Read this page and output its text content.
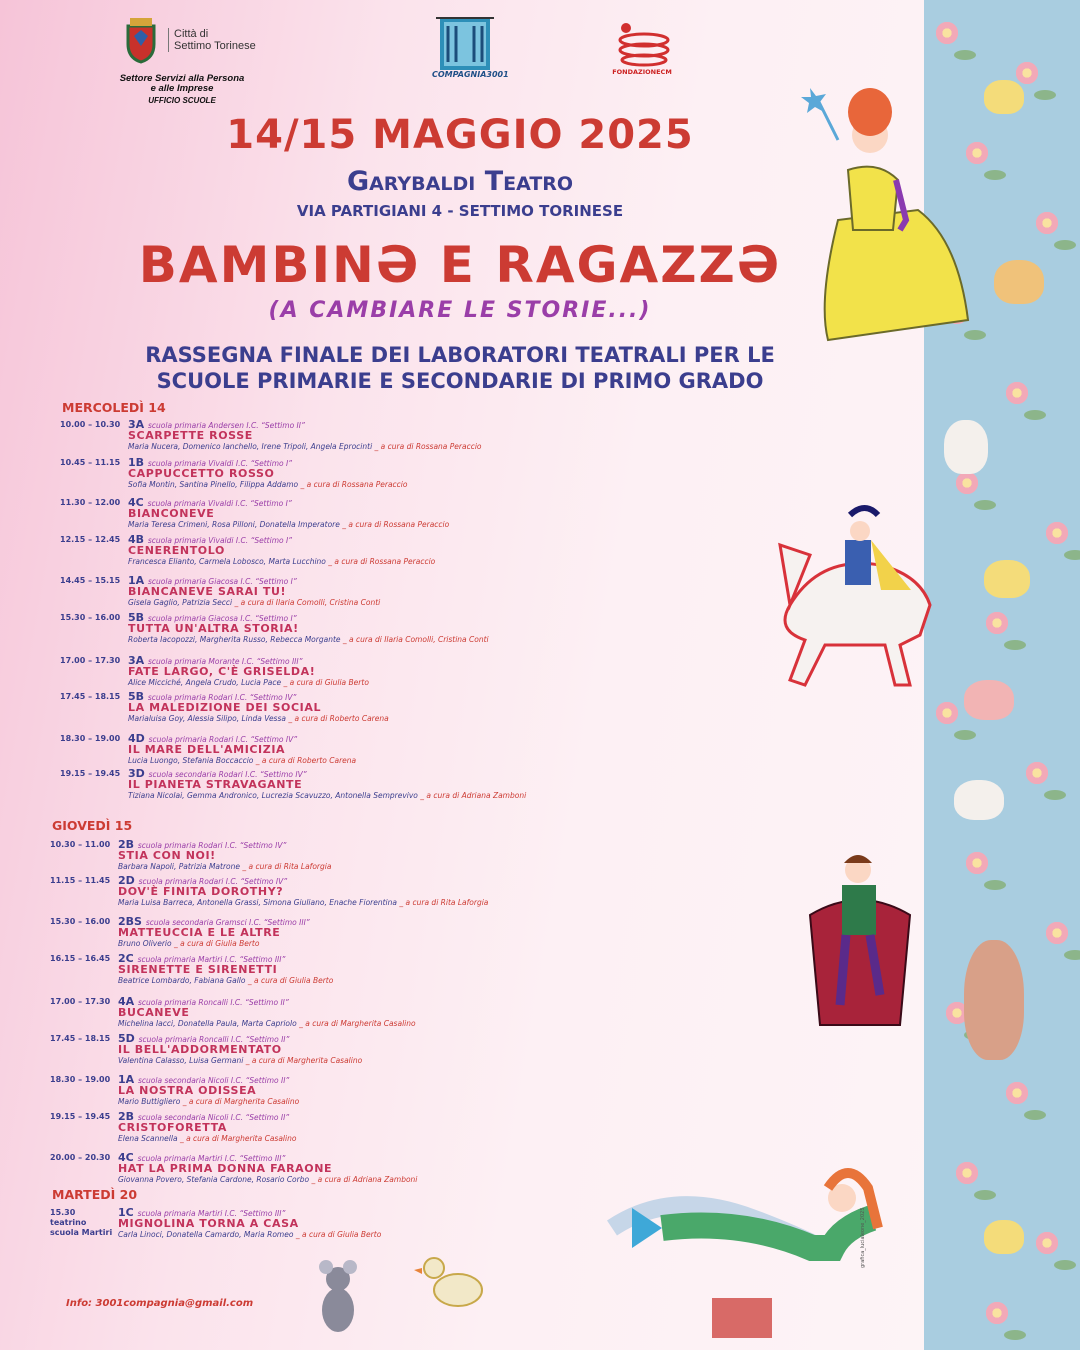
Città di
Settimo Torinese
Settore Servizi alla Persona
e alle Imprese
UFFICIO SCUOLE
COMPAGNIA3001	FONDAZIONECM
14/15 MAGGIO 2025
Garybaldi Teatro
VIA PARTIGIANI 4 - SETTIMO TORINESE
BAMBINƏ E RAGAZZƏ
(A CAMBIARE LE STORIE...)
RASSEGNA FINALE DEI LABORATORI TEATRALI PER LE
SCUOLE PRIMARIE E SECONDARIE DI PRIMO GRADO
MERCOLEDÌ 14
GIOVEDÌ 15
MARTEDÌ 20
10.00 – 10.30 3A scuola primaria Andersen I.C. “Settimo II”
SCARPETTE ROSSE
Maria Nucera, Domenico Ianchello, Irene Tripoli, Angela Eprocinti _ a cura di Rossana Peraccio
10.45 – 11.15 1B scuola primaria Vivaldi I.C. “Settimo I”
CAPPUCCETTO ROSSO
Sofia Montin, Santina Pinello, Filippa Addamo _ a cura di Rossana Peraccio
11.30 – 12.00 4C scuola primaria Vivaldi I.C. “Settimo I”
BIANCONEVE
Maria Teresa Crimeni, Rosa Pilloni, Donatella Imperatore _ a cura di Rossana Peraccio
12.15 – 12.45 4B scuola primaria Vivaldi I.C. “Settimo I”
CENERENTOLO
Francesca Elianto, Carmela Lobosco, Marta Lucchino _ a cura di Rossana Peraccio
14.45 – 15.15 1A scuola primaria Giacosa I.C. “Settimo I”
BIANCANEVE SARAI TU!
Gisela Gaglio, Patrizia Secci _ a cura di Ilaria Comolli, Cristina Conti
15.30 – 16.00 5B scuola primaria Giacosa I.C. “Settimo I”
TUTTA UN'ALTRA STORIA!
Roberta Iacopozzi, Margherita Russo, Rebecca Morgante _ a cura di Ilaria Comolli, Cristina Conti
17.00 – 17.30 3A scuola primaria Morante I.C. “Settimo III”
FATE LARGO, C'È GRISELDA!
Alice Micciché, Angela Crudo, Lucia Pace _ a cura di Giulia Berto
17.45 – 18.15 5B scuola primaria Rodari I.C. “Settimo IV”
LA MALEDIZIONE DEI SOCIAL
Marialuisa Goy, Alessia Silipo, Linda Vessa _ a cura di Roberto Carena
18.30 – 19.00 4D scuola primaria Rodari I.C. “Settimo IV”
IL MARE DELL'AMICIZIA
Lucia Luongo, Stefania Boccaccio _ a cura di Roberto Carena
19.15 – 19.45 3D scuola secondaria Rodari I.C. “Settimo IV”
IL PIANETA STRAVAGANTE
Tiziana Nicolai, Gemma Andronico, Lucrezia Scavuzzo, Antonella Semprevivo _ a cura di Adriana Zamboni
10.30 – 11.00 2B scuola primaria Rodari I.C. “Settimo IV”
STIA CON NOI!
Barbara Napoli, Patrizia Matrone _ a cura di Rita Laforgia
11.15 – 11.45 2D scuola primaria Rodari I.C. “Settimo IV”
DOV'È FINITA DOROTHY?
Maria Luisa Barreca, Antonella Grassi, Simona Giuliano, Enache Fiorentina _ a cura di Rita Laforgia
15.30 – 16.00 2BS scuola secondaria Gramsci I.C. “Settimo III”
MATTEUCCIA E LE ALTRE
Bruno Oliverio _ a cura di Giulia Berto
16.15 – 16.45 2C scuola primaria Martiri I.C. “Settimo III”
SIRENETTE E SIRENETTI
Beatrice Lombardo, Fabiana Gallo _ a cura di Giulia Berto
17.00 – 17.30 4A scuola primaria Roncalli I.C. “Settimo II”
BUCANEVE
Michelina Iacci, Donatella Paula, Marta Capriolo _ a cura di Margherita Casalino
17.45 – 18.15 5D scuola primaria Roncalli I.C. “Settimo II”
IL BELL'ADDORMENTATO
Valentina Calasso, Luisa Germani _ a cura di Margherita Casalino
18.30 – 19.00 1A scuola secondaria Nicoli I.C. “Settimo II”
LA NOSTRA ODISSEA
Mario Buttigliero _ a cura di Margherita Casalino
19.15 – 19.45 2B scuola secondaria Nicoli I.C. “Settimo II”
CRISTOFORETTA
Elena Scannella _ a cura di Margherita Casalino
20.00 – 20.30 4C scuola primaria Martiri I.C. “Settimo III”
HAT LA PRIMA DONNA FARAONE
Giovanna Povero, Stefania Cardone, Rosario Corbo _ a cura di Adriana Zamboni
15.30
teatrino
scuola Martiri
1C scuola primaria Martiri I.C. “Settimo III”
MIGNOLINA TORNA A CASA
Carla Linoci, Donatella Camardo, Maria Romeo _ a cura di Giulia Berto
Info: 3001compagnia@gmail.com
grafica_lucialeone_2025
